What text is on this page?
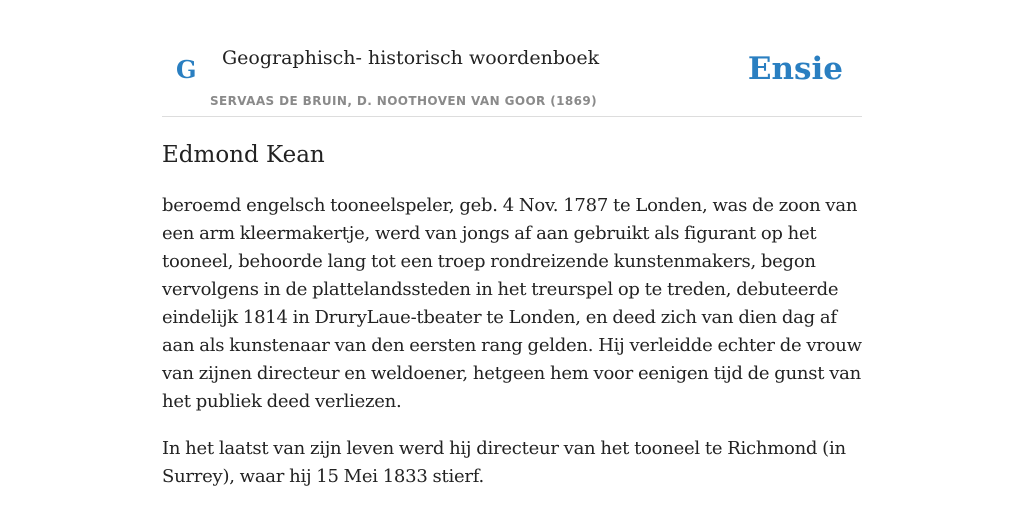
G Geographisch- historisch woordenboek
SERVAAS DE BRUIN, D. NOOTHOVEN VAN GOOR (1869)
Ensie
Edmond Kean

beroemd engelsch tooneelspeler, geb. 4 Nov. 1787 te Londen, was de zoon van een arm kleermakertje, werd van jongs af aan gebruikt als figurant op het tooneel, behoorde lang tot een troep rondreizende kunstenmakers, begon vervolgens in de plattelandssteden in het treurspel op te treden, debuteerde eindelijk 1814 in DruryLaue-tbeater te Londen, en deed zich van dien dag af aan als kunstenaar van den eersten rang gelden. Hij verleidde echter de vrouw van zijnen directeur en weldoener, hetgeen hem voor eenigen tijd de gunst van het publiek deed verliezen.

In het laatst van zijn leven werd hij directeur van het tooneel te Richmond (in Surrey), waar hij 15 Mei 1833 stierf.
